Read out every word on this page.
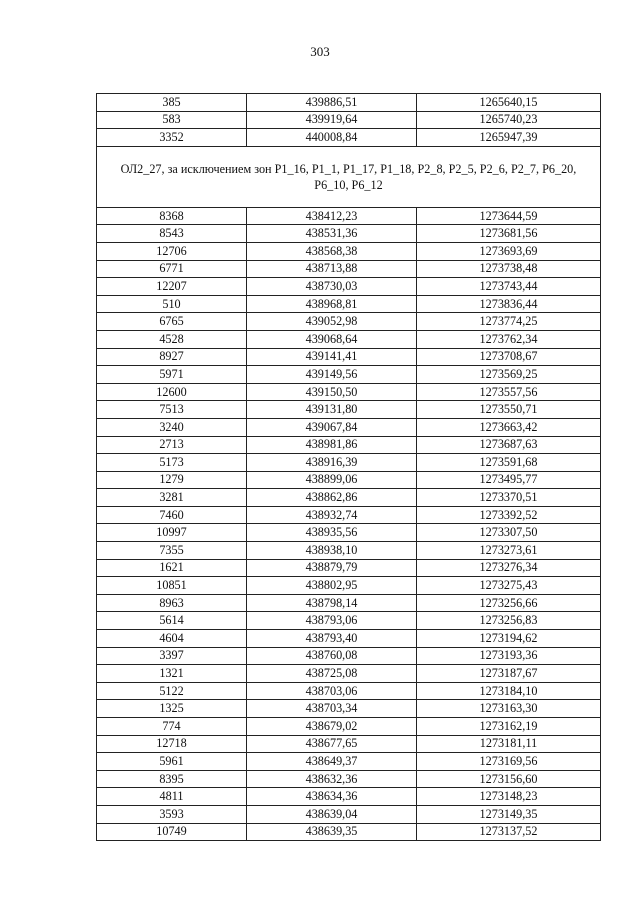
303
385	439886,51	1265640,15
583	439919,64	1265740,23
3352	440008,84	1265947,39
ОЛ2_27, за исключением зон Р1_16, Р1_1, Р1_17, Р1_18, Р2_8, Р2_5, Р2_6, Р2_7, Р6_20, Р6_10, Р6_12		
8368	438412,23	1273644,59
8543	438531,36	1273681,56
12706	438568,38	1273693,69
6771	438713,88	1273738,48
12207	438730,03	1273743,44
510	438968,81	1273836,44
6765	439052,98	1273774,25
4528	439068,64	1273762,34
8927	439141,41	1273708,67
5971	439149,56	1273569,25
12600	439150,50	1273557,56
7513	439131,80	1273550,71
3240	439067,84	1273663,42
2713	438981,86	1273687,63
5173	438916,39	1273591,68
1279	438899,06	1273495,77
3281	438862,86	1273370,51
7460	438932,74	1273392,52
10997	438935,56	1273307,50
7355	438938,10	1273273,61
1621	438879,79	1273276,34
10851	438802,95	1273275,43
8963	438798,14	1273256,66
5614	438793,06	1273256,83
4604	438793,40	1273194,62
3397	438760,08	1273193,36
1321	438725,08	1273187,67
5122	438703,06	1273184,10
1325	438703,34	1273163,30
774	438679,02	1273162,19
12718	438677,65	1273181,11
5961	438649,37	1273169,56
8395	438632,36	1273156,60
4811	438634,36	1273148,23
3593	438639,04	1273149,35
10749	438639,35	1273137,52
